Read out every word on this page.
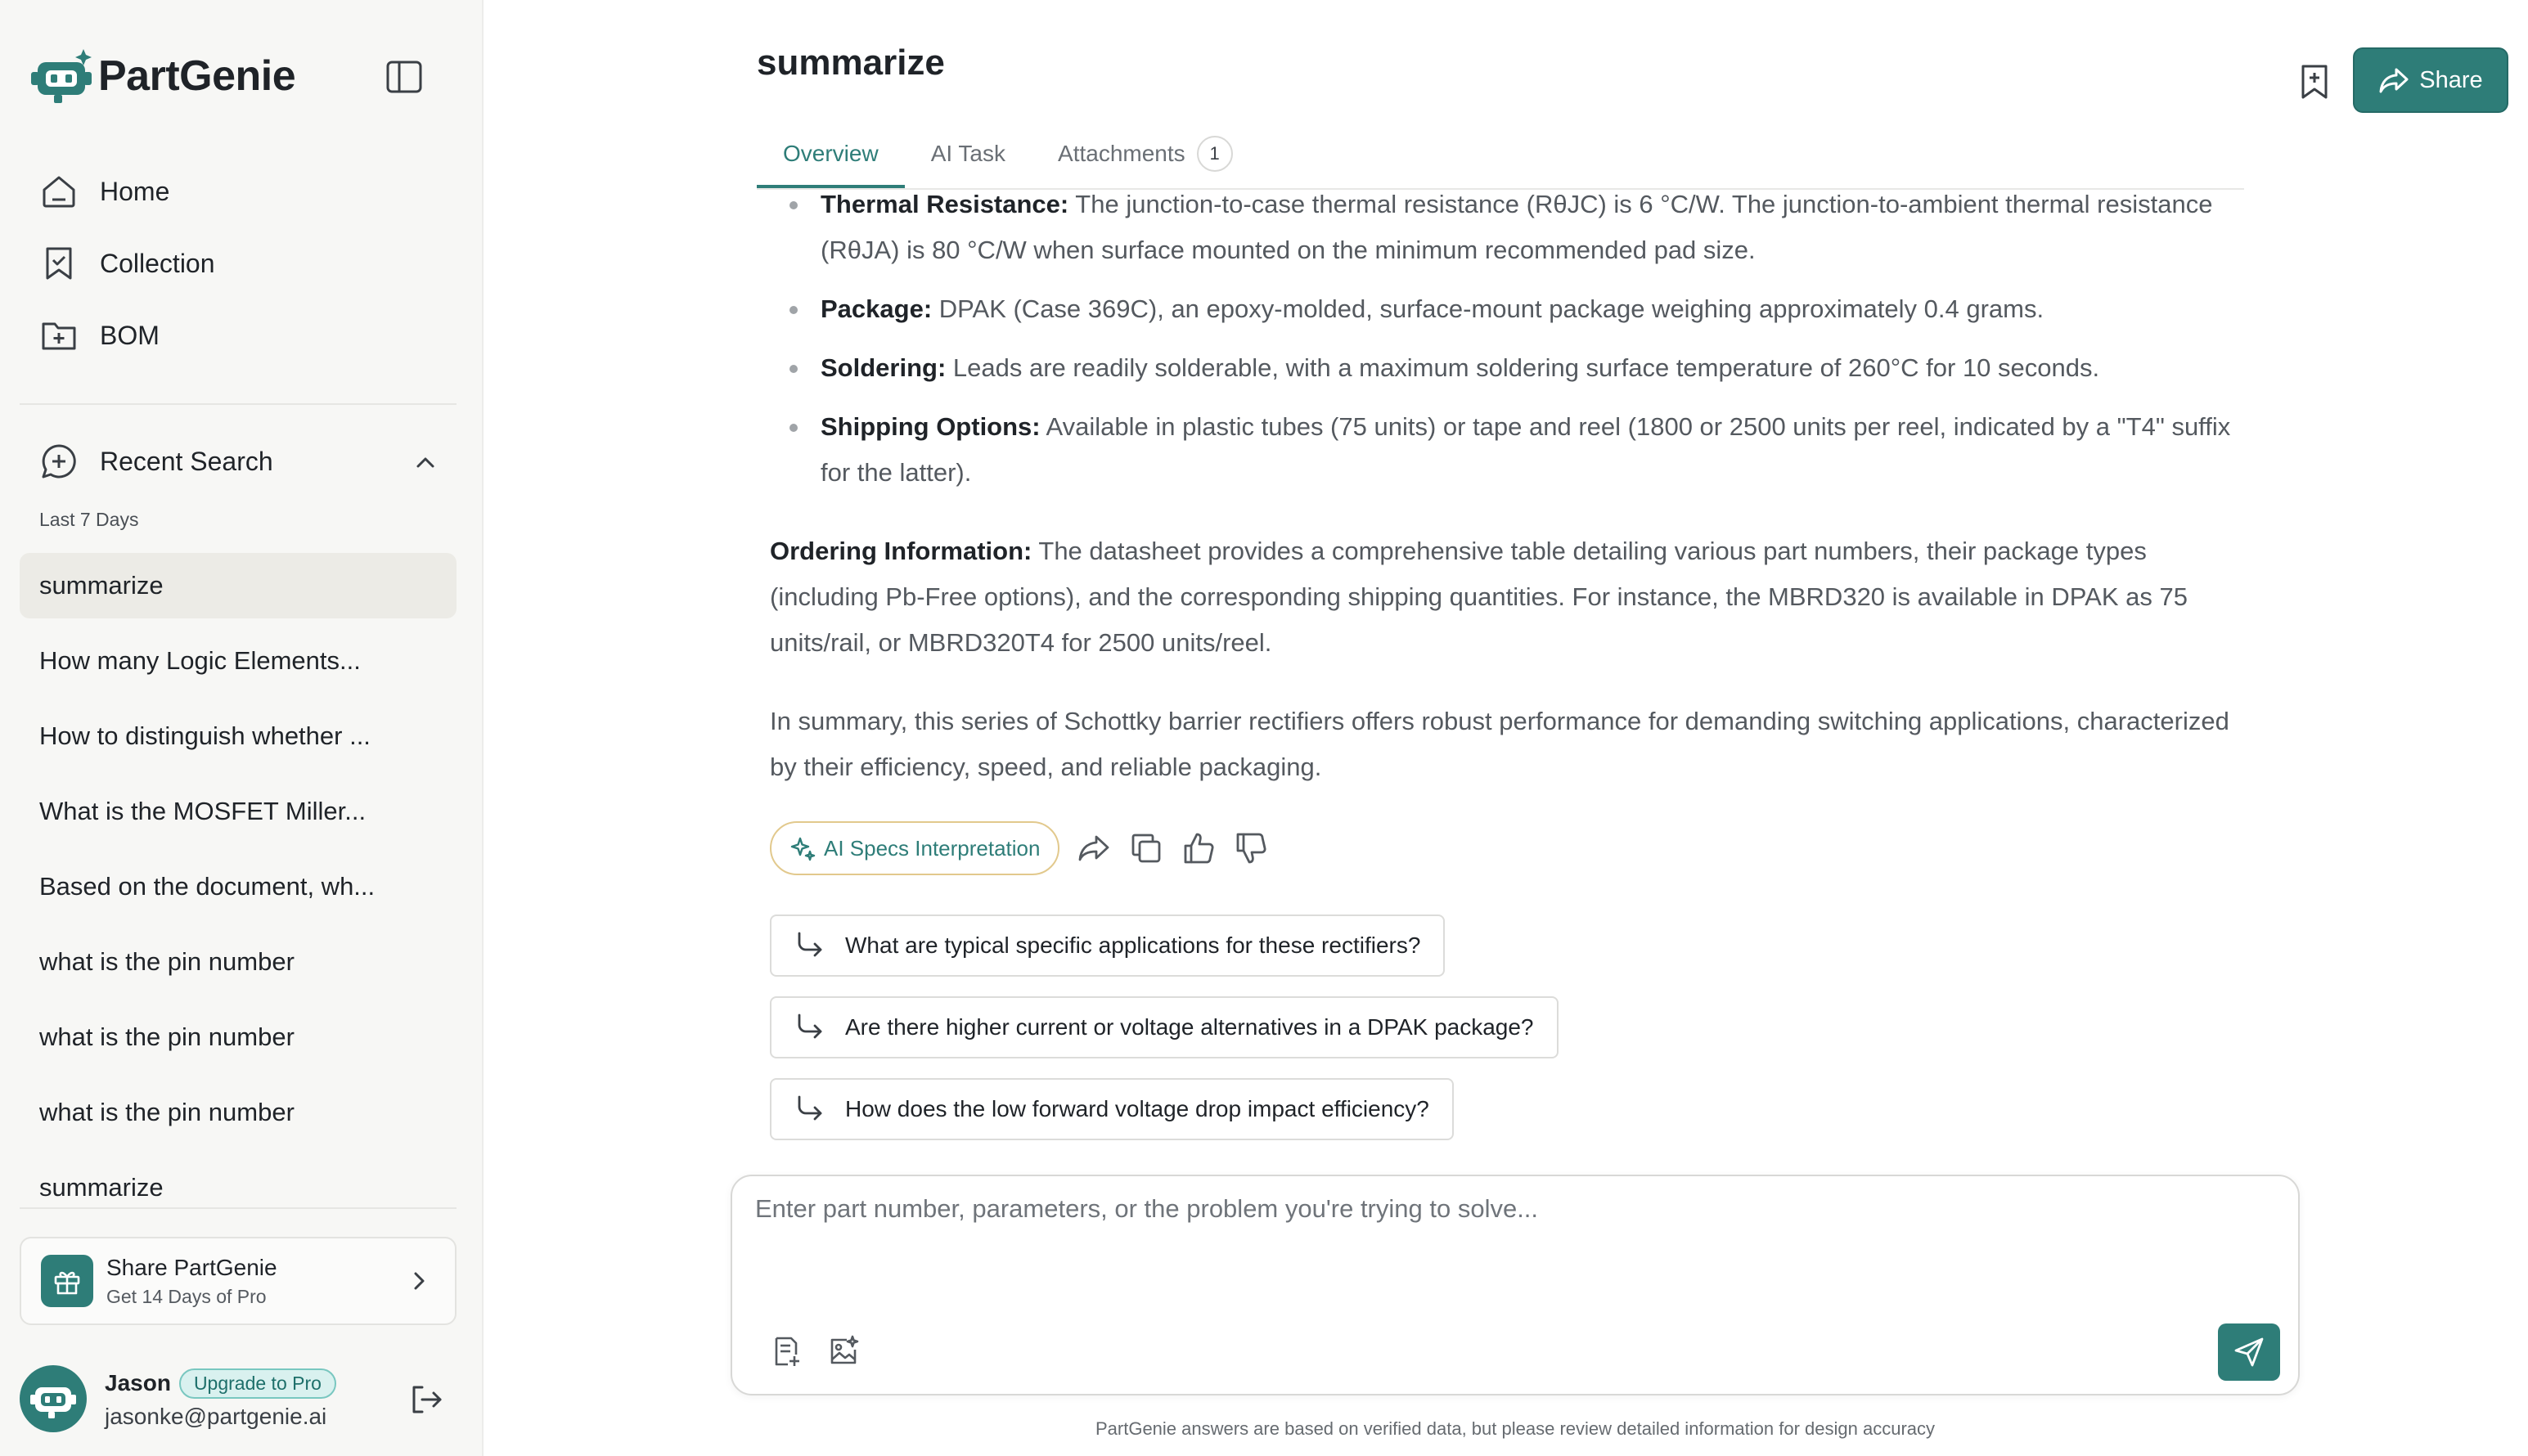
PartGenie
Home
Collection
BOM
Recent Search
Last 7 Days
summarize
How many Logic Elements...
How to distinguish whether ...
What is the MOSFET Miller...
Based on the document, wh...
what is the pin number
what is the pin number
what is the pin number
summarize
Share PartGenie
Get 14 Days of Pro
Jason	Upgrade to Pro
jasonke@partgenie.ai
summarize	Share
Overview AI Task Attachments	1
Thermal Resistance: The junction-to-case thermal resistance (RθJC) is 6 °C/W. The junction-to-ambient thermal resistance (RθJA) is 80 °C/W when surface mounted on the minimum recommended pad size.
Package: DPAK (Case 369C), an epoxy-molded, surface-mount package weighing approximately 0.4 grams.
Soldering: Leads are readily solderable, with a maximum soldering surface temperature of 260°C for 10 seconds.
Shipping Options: Available in plastic tubes (75 units) or tape and reel (1800 or 2500 units per reel, indicated by a "T4" suffix for the latter).

Ordering Information: The datasheet provides a comprehensive table detailing various part numbers, their package types (including Pb-Free options), and the corresponding shipping quantities. For instance, the MBRD320 is available in DPAK as 75 units/rail, or MBRD320T4 for 2500 units/reel.

In summary, this series of Schottky barrier rectifiers offers robust performance for demanding switching applications, characterized by their efficiency, speed, and reliable packaging.

AI Specs Interpretation
What are typical specific applications for these rectifiers?
Are there higher current or voltage alternatives in a DPAK package?
How does the low forward voltage drop impact efficiency?
Enter part number, parameters, or the problem you're trying to solve...
PartGenie answers are based on verified data, but please review detailed information for design accuracy
